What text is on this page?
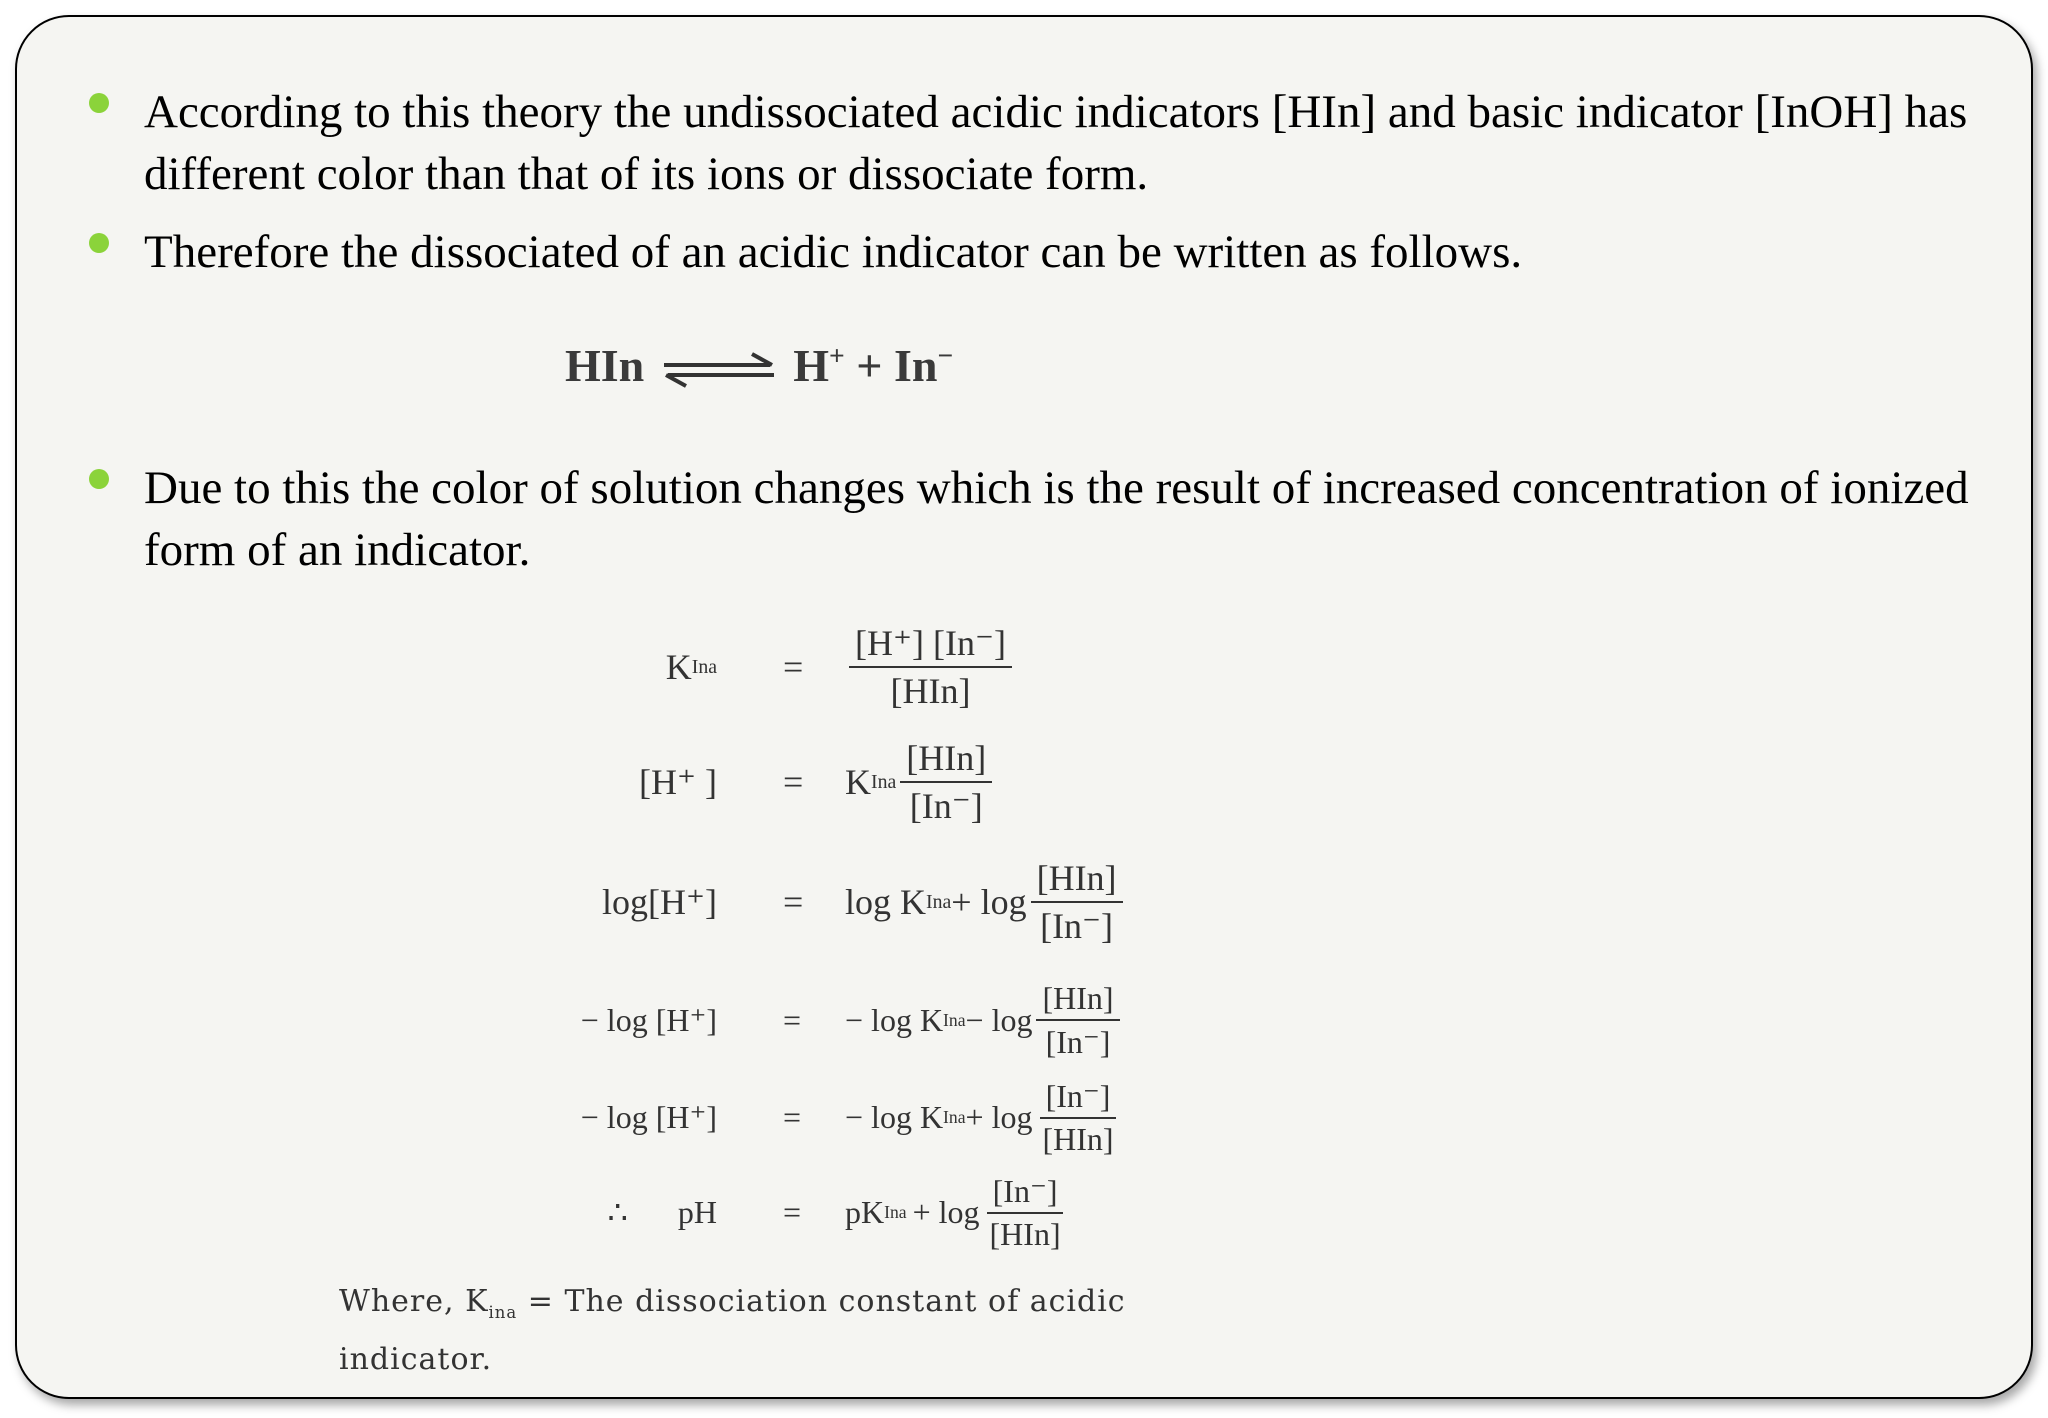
According to this theory the undissociated acidic indicators [HIn] and basic indicator [InOH] has different color than that of its ions or dissociate form.
Therefore the dissociated of an acidic indicator can be written as follows.
HIn ⇌ H+ + In−
Due to this the color of solution changes which is the result of increased concentration of ionized form of an indicator.
K Ina = $\frac{[H^+] [In^-]}{\text{[HIn]}}$
[H⁺ ] = K Ina $\frac{\text{[HIn]}}{[In^-]}$
log[H⁺] = log K Ina + $\log \frac{\text{[HIn]}}{[In^-]}$
− log [H⁺] = − log K Ina − $\log \frac{\text{[HIn]}}{[In^-]}$
− log [H⁺] = − log K Ina + $\log \frac{[In^-]}{\text{[HIn]}}$
∴ pH = pK Ina + $\log \frac{[In^-]}{\text{[HIn]}}$
Where, $K_{ina}$ = The dissociation constant of acidic
indicator.
